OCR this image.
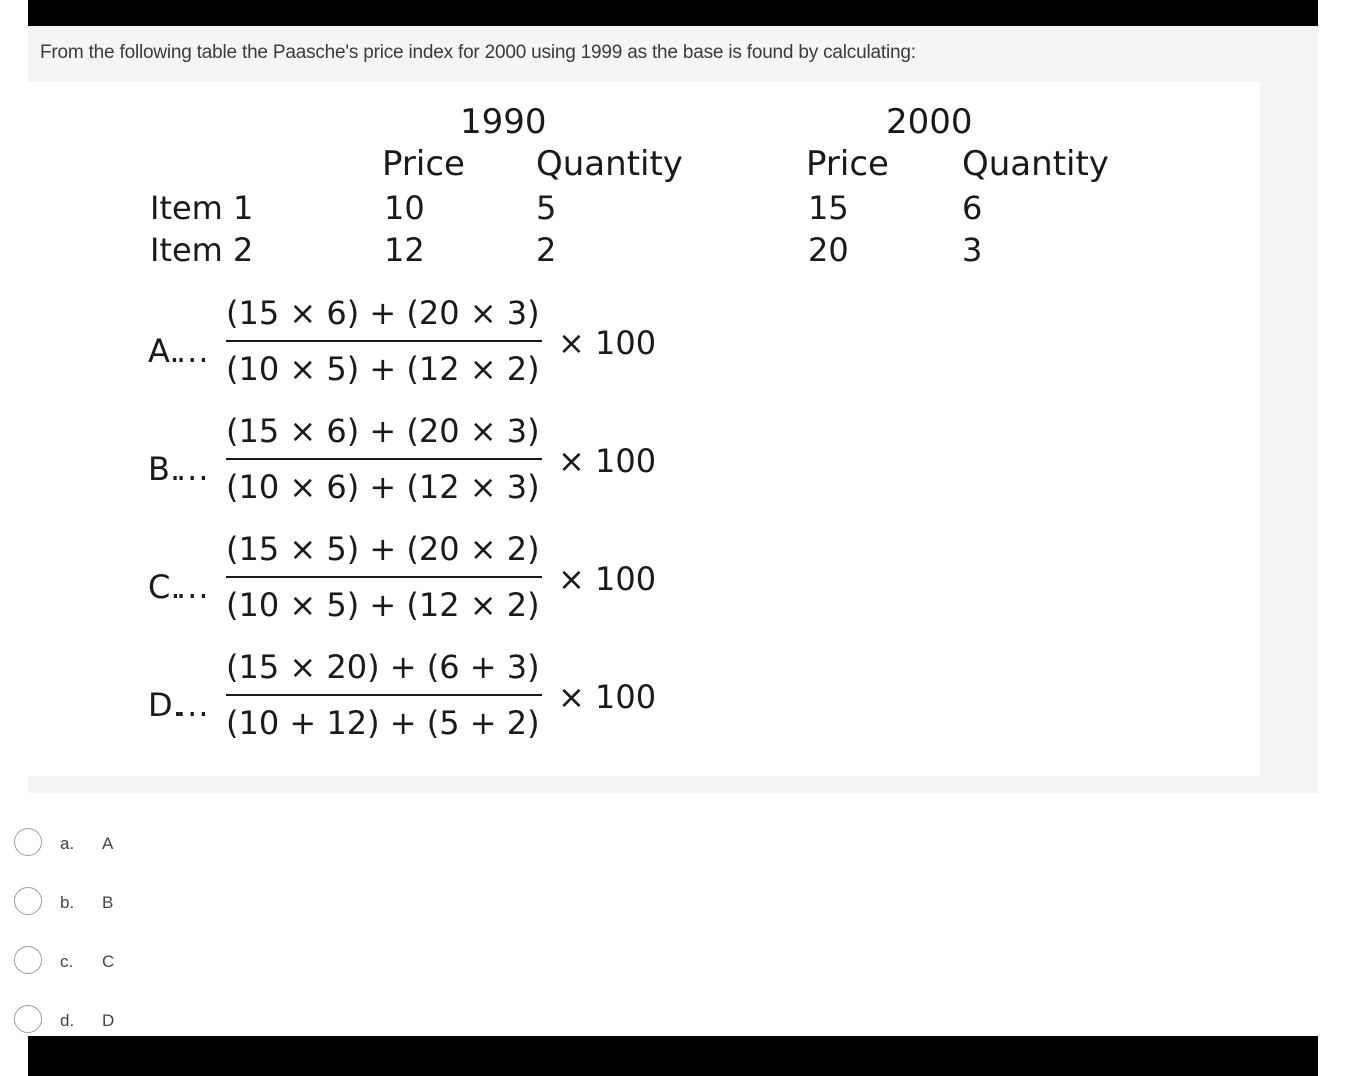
From the following table the Paasche's price index for 2000 using 1999 as the base is found by calculating:
1990	2000
Price Quantity	Price Quantity
Item 1	10	5	15	6
Item 2	12	2	20	3
A.
...
(15 × 6) + (20 × 3)
(10 × 5) + (12 × 2)
× 100
B.
...
(15 × 6) + (20 × 3)
(10 × 6) + (12 × 3)
× 100
C.
...
(15 × 5) + (20 × 2)
(10 × 5) + (12 × 2)
× 100
D.
...
(15 × 20) + (6 + 3)
(10 + 12) + (5 + 2)
× 100
a. A
b. B
c. C
d. D
